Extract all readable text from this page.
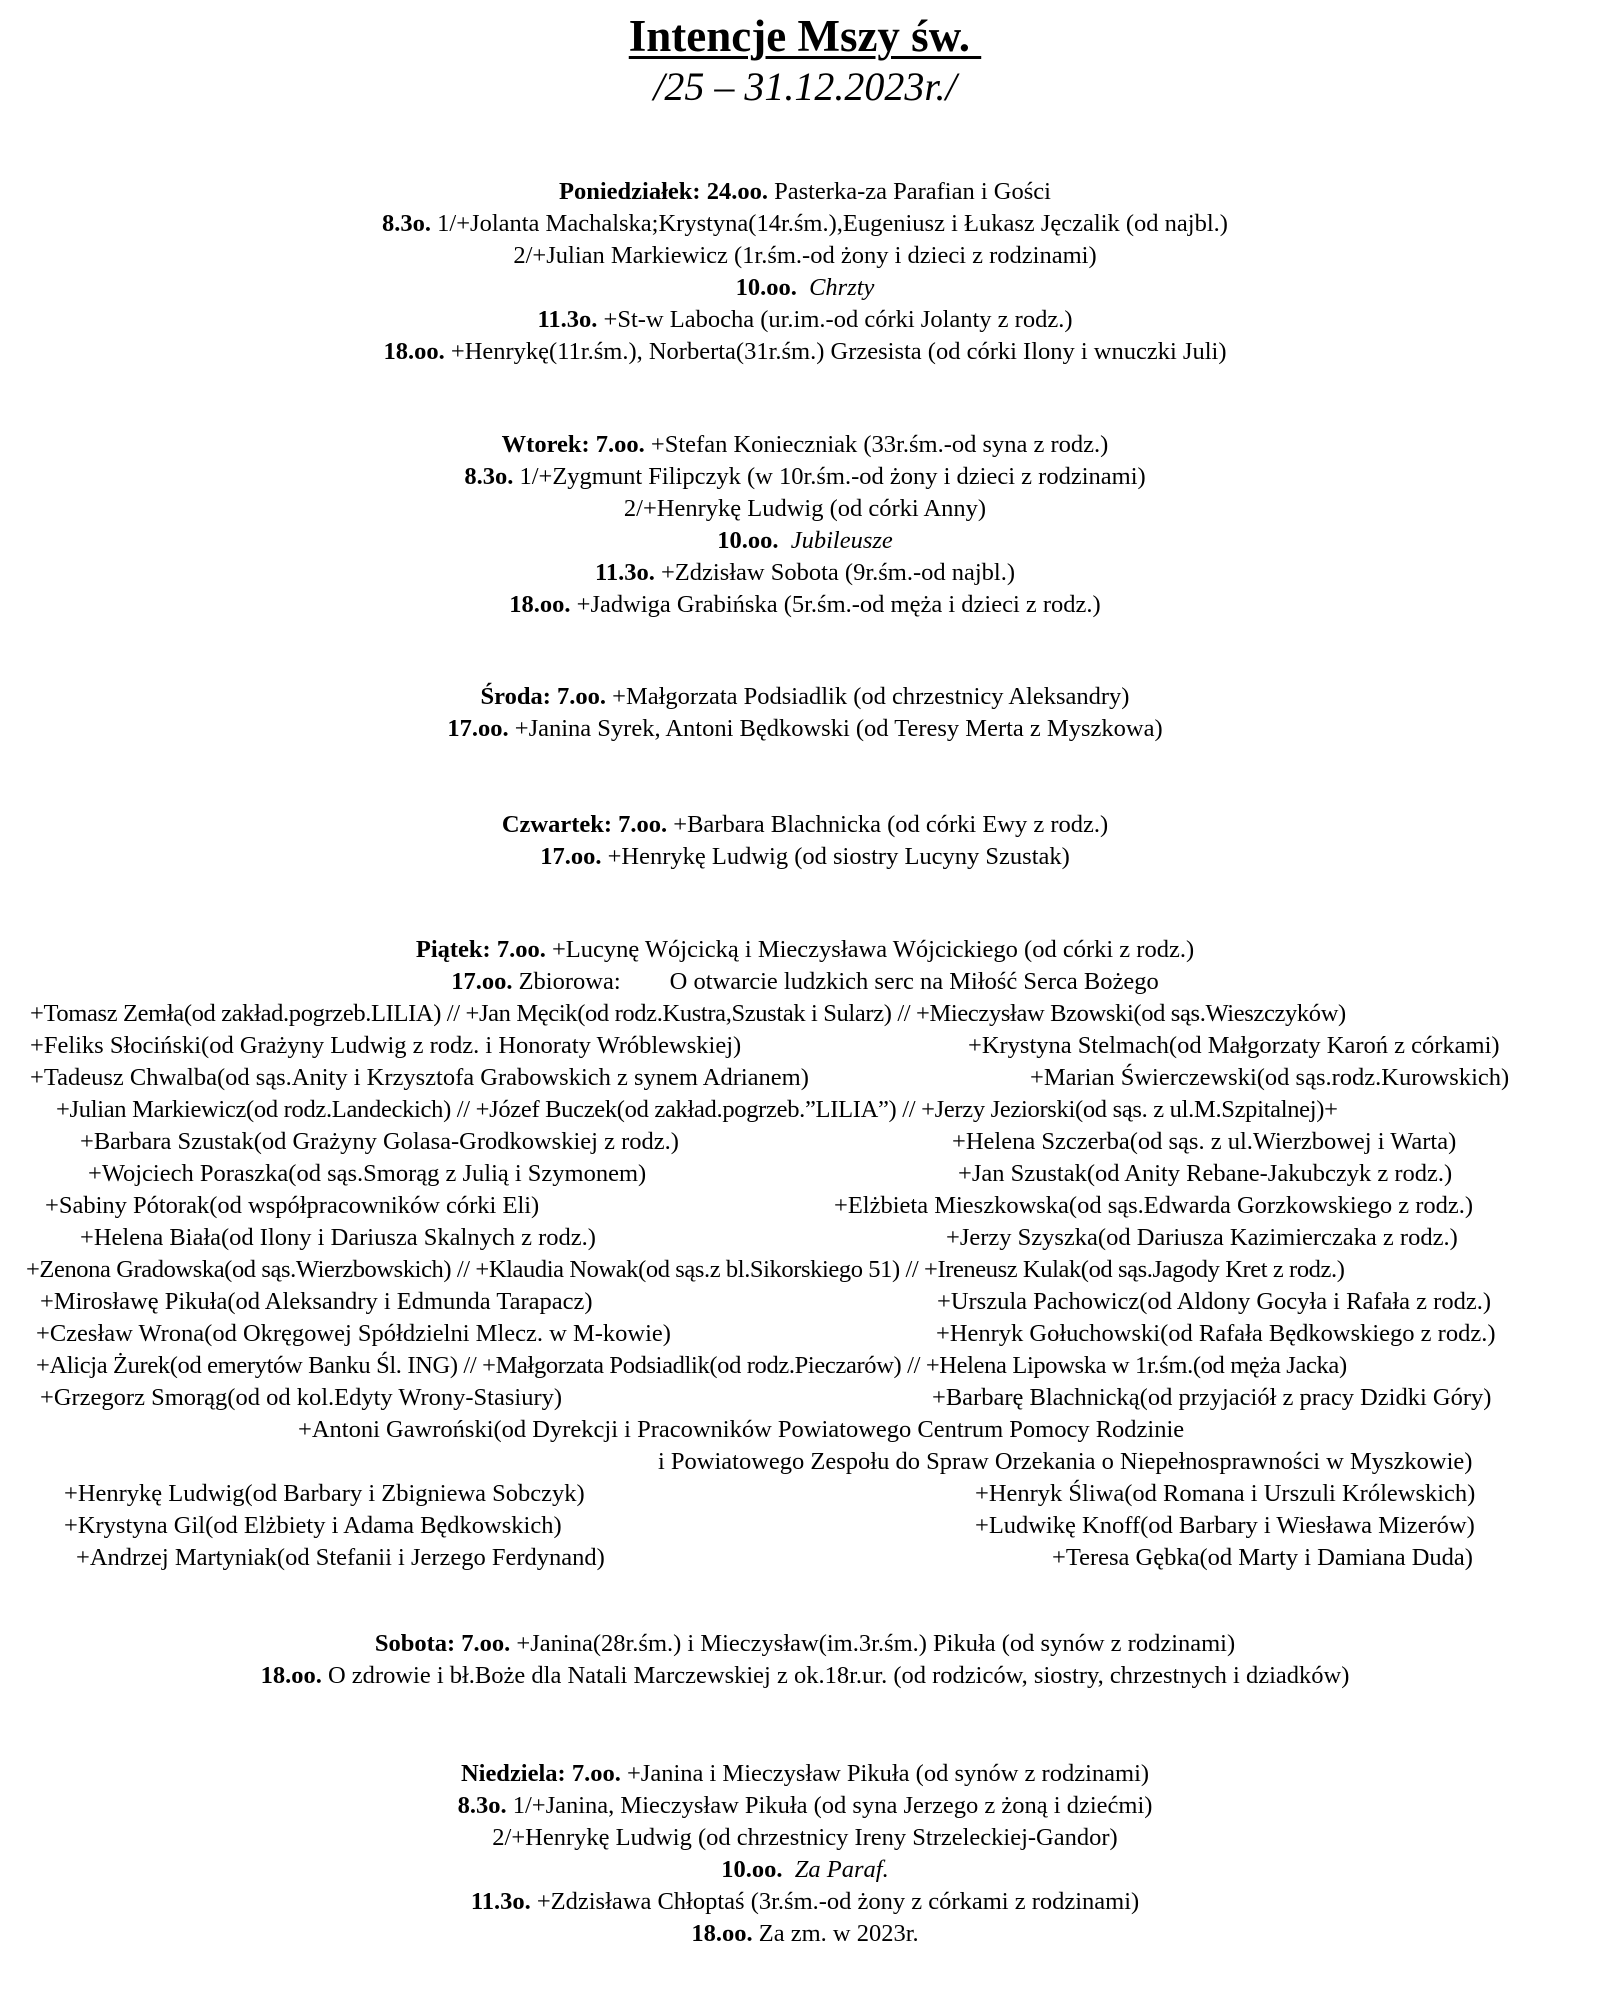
Intencje Mszy św.
/25 – 31.12.2023r./
Poniedziałek: 24.oo. Pasterka-za Parafian i Gości
8.3o. 1/+Jolanta Machalska;Krystyna(14r.śm.),Eugeniusz i Łukasz Jęczalik (od najbl.)
2/+Julian Markiewicz (1r.śm.-od żony i dzieci z rodzinami)
10.oo. Chrzty
11.3o. +St-w Labocha (ur.im.-od córki Jolanty z rodz.)
18.oo. +Henrykę(11r.śm.), Norberta(31r.śm.) Grzesista (od córki Ilony i wnuczki Juli)
Wtorek: 7.oo. +Stefan Konieczniak (33r.śm.-od syna z rodz.)
8.3o. 1/+Zygmunt Filipczyk (w 10r.śm.-od żony i dzieci z rodzinami)
2/+Henrykę Ludwig (od córki Anny)
10.oo. Jubileusze
11.3o. +Zdzisław Sobota (9r.śm.-od najbl.)
18.oo. +Jadwiga Grabińska (5r.śm.-od męża i dzieci z rodz.)
Środa: 7.oo. +Małgorzata Podsiadlik (od chrzestnicy Aleksandry)
17.oo. +Janina Syrek, Antoni Będkowski (od Teresy Merta z Myszkowa)
Czwartek: 7.oo. +Barbara Blachnicka (od córki Ewy z rodz.)
17.oo. +Henrykę Ludwig (od siostry Lucyny Szustak)
Piątek: 7.oo. +Lucynę Wójcicką i Mieczysława Wójcickiego (od córki z rodz.)
17.oo. Zbiorowa:        O otwarcie ludzkich serc na Miłość Serca Bożego
+Tomasz Zemła(od zakład.pogrzeb.LILIA) // +Jan Męcik(od rodz.Kustra,Szustak i Sularz) // +Mieczysław Bzowski(od sąs.Wieszczyków)
+Feliks Słociński(od Grażyny Ludwig z rodz. i Honoraty Wróblewskiej)	+Krystyna Stelmach(od Małgorzaty Karoń z córkami)
+Tadeusz Chwalba(od sąs.Anity i Krzysztofa Grabowskich z synem Adrianem)	+Marian Świerczewski(od sąs.rodz.Kurowskich)
+Julian Markiewicz(od rodz.Landeckich) // +Józef Buczek(od zakład.pogrzeb.”LILIA”) // +Jerzy Jeziorski(od sąs. z ul.M.Szpitalnej)+
+Barbara Szustak(od Grażyny Golasa-Grodkowskiej z rodz.)	+Helena Szczerba(od sąs. z ul.Wierzbowej i Warta)
+Wojciech Poraszka(od sąs.Smorąg z Julią i Szymonem)	+Jan Szustak(od Anity Rebane-Jakubczyk z rodz.)
+Sabiny Pótorak(od współpracowników córki Eli)	+Elżbieta Mieszkowska(od sąs.Edwarda Gorzkowskiego z rodz.)
+Helena Biała(od Ilony i Dariusza Skalnych z rodz.)	+Jerzy Szyszka(od Dariusza Kazimierczaka z rodz.)
+Zenona Gradowska(od sąs.Wierzbowskich) // +Klaudia Nowak(od sąs.z bl.Sikorskiego 51) // +Ireneusz Kulak(od sąs.Jagody Kret z rodz.)
+Mirosławę Pikuła(od Aleksandry i Edmunda Tarapacz)	+Urszula Pachowicz(od Aldony Gocyła i Rafała z rodz.)
+Czesław Wrona(od Okręgowej Spółdzielni Mlecz. w M-kowie)	+Henryk Gołuchowski(od Rafała Będkowskiego z rodz.)
+Alicja Żurek(od emerytów Banku Śl. ING) // +Małgorzata Podsiadlik(od rodz.Pieczarów) // +Helena Lipowska w 1r.śm.(od męża Jacka)
+Grzegorz Smorąg(od od kol.Edyty Wrony-Stasiury)	+Barbarę Blachnicką(od przyjaciół z pracy Dzidki Góry)
+Antoni Gawroński(od Dyrekcji i Pracowników Powiatowego Centrum Pomocy Rodzinie
i Powiatowego Zespołu do Spraw Orzekania o Niepełnosprawności w Myszkowie)
+Henrykę Ludwig(od Barbary i Zbigniewa Sobczyk)	+Henryk Śliwa(od Romana i Urszuli Królewskich)
+Krystyna Gil(od Elżbiety i Adama Będkowskich)	+Ludwikę Knoff(od Barbary i Wiesława Mizerów)
+Andrzej Martyniak(od Stefanii i Jerzego Ferdynand)	+Teresa Gębka(od Marty i Damiana Duda)
Sobota: 7.oo. +Janina(28r.śm.) i Mieczysław(im.3r.śm.) Pikuła (od synów z rodzinami)
18.oo. O zdrowie i bł.Boże dla Natali Marczewskiej z ok.18r.ur. (od rodziców, siostry, chrzestnych i dziadków)
Niedziela: 7.oo. +Janina i Mieczysław Pikuła (od synów z rodzinami)
8.3o. 1/+Janina, Mieczysław Pikuła (od syna Jerzego z żoną i dziećmi)
2/+Henrykę Ludwig (od chrzestnicy Ireny Strzeleckiej-Gandor)
10.oo. Za Paraf.
11.3o. +Zdzisława Chłoptaś (3r.śm.-od żony z córkami z rodzinami)
18.oo. Za zm. w 2023r.
